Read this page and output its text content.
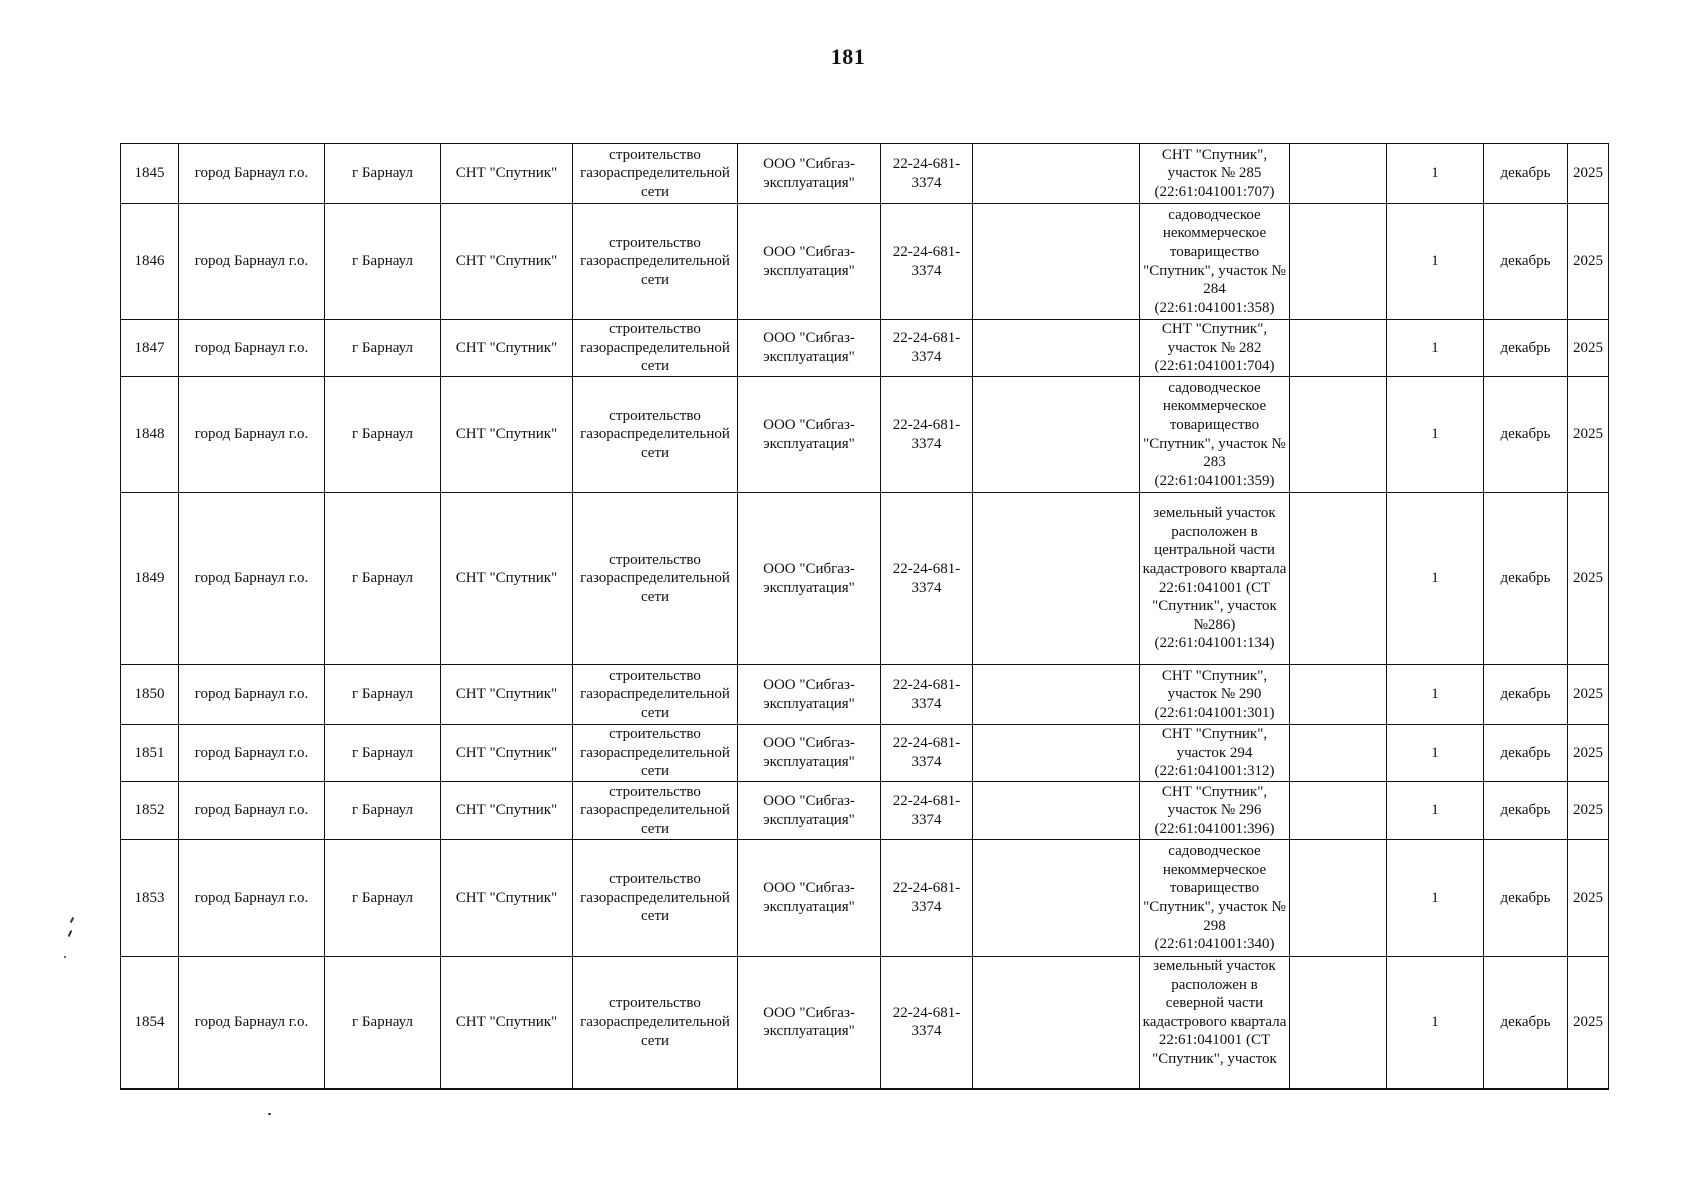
181
1845	город Барнаул г.о.	г Барнаул	СНТ "Спутник"	строительство газораспределительной сети	ООО "Сибгаз-эксплуатация"	22-24-681-3374		СНТ "Спутник", участок № 285 (22:61:041001:707)		1	декабрь	2025
1846	город Барнаул г.о.	г Барнаул	СНТ "Спутник"	строительство газораспределительной сети	ООО "Сибгаз-эксплуатация"	22-24-681-3374		садоводческое некоммерческое товарищество "Спутник", участок № 284 (22:61:041001:358)		1	декабрь	2025
1847	город Барнаул г.о.	г Барнаул	СНТ "Спутник"	строительство газораспределительной сети	ООО "Сибгаз-эксплуатация"	22-24-681-3374		СНТ "Спутник", участок № 282 (22:61:041001:704)		1	декабрь	2025
1848	город Барнаул г.о.	г Барнаул	СНТ "Спутник"	строительство газораспределительной сети	ООО "Сибгаз-эксплуатация"	22-24-681-3374		садоводческое некоммерческое товарищество "Спутник", участок № 283 (22:61:041001:359)		1	декабрь	2025
1849	город Барнаул г.о.	г Барнаул	СНТ "Спутник"	строительство газораспределительной сети	ООО "Сибгаз-эксплуатация"	22-24-681-3374		земельный участок расположен в центральной части кадастрового квартала 22:61:041001 (СТ "Спутник", участок №286) (22:61:041001:134)		1	декабрь	2025
1850	город Барнаул г.о.	г Барнаул	СНТ "Спутник"	строительство газораспределительной сети	ООО "Сибгаз-эксплуатация"	22-24-681-3374		СНТ "Спутник", участок № 290 (22:61:041001:301)		1	декабрь	2025
1851	город Барнаул г.о.	г Барнаул	СНТ "Спутник"	строительство газораспределительной сети	ООО "Сибгаз-эксплуатация"	22-24-681-3374		СНТ "Спутник", участок 294 (22:61:041001:312)		1	декабрь	2025
1852	город Барнаул г.о.	г Барнаул	СНТ "Спутник"	строительство газораспределительной сети	ООО "Сибгаз-эксплуатация"	22-24-681-3374		СНТ "Спутник", участок № 296 (22:61:041001:396)		1	декабрь	2025
1853	город Барнаул г.о.	г Барнаул	СНТ "Спутник"	строительство газораспределительной сети	ООО "Сибгаз-эксплуатация"	22-24-681-3374		садоводческое некоммерческое товарищество "Спутник", участок № 298 (22:61:041001:340)		1	декабрь	2025
1854	город Барнаул г.о.	г Барнаул	СНТ "Спутник"	строительство газораспределительной сети	ООО "Сибгаз-эксплуатация"	22-24-681-3374		земельный участок расположен в северной части кадастрового квартала 22:61:041001 (СТ "Спутник", участок		1	декабрь	2025
